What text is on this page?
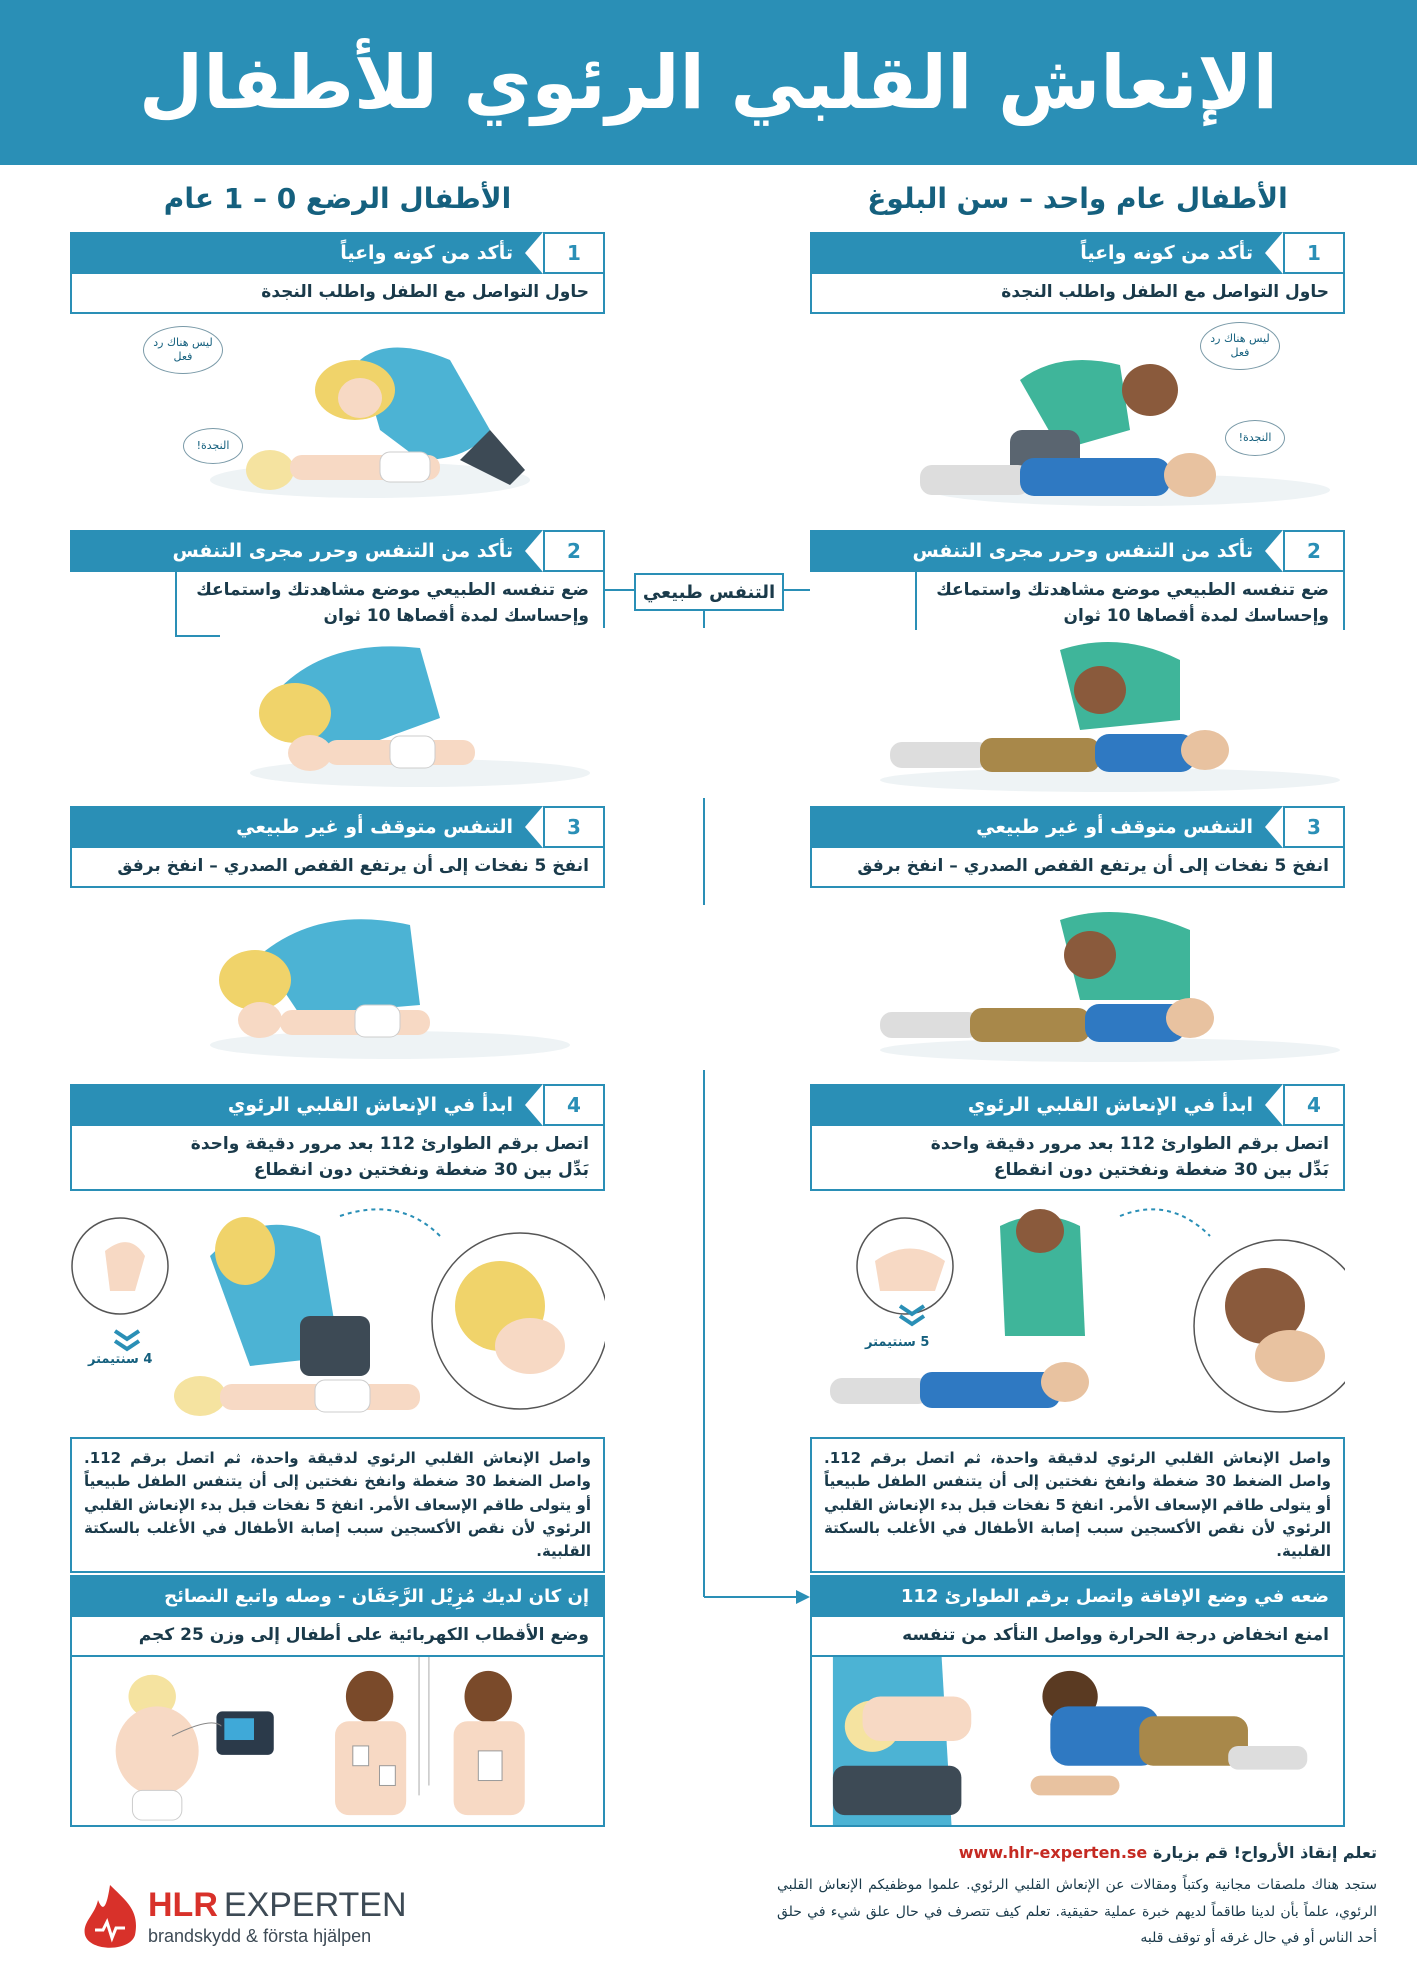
الإنعاش القلبي الرئوي للأطفال
الأطفال الرضع 0 – 1 عام	الأطفال عام واحد – سن البلوغ
التنفس طبيعي
1
تأكد من كونه واعياً
حاول التواصل مع الطفل واطلب النجدة
2
تأكد من التنفس وحرر مجرى التنفس
ضع تنفسه الطبيعي موضع مشاهدتك واستماعك وإحساسك لمدة أقصاها 10 ثوان
3
التنفس متوقف أو غير طبيعي
انفخ 5 نفخات إلى أن يرتفع القفص الصدري – انفخ برفق
4
ابدأ في الإنعاش القلبي الرئوي
اتصل برقم الطوارئ 112 بعد مرور دقيقة واحدة
بَدِّل بين 30 ضغطة ونفختين دون انقطاع
1
تأكد من كونه واعياً
حاول التواصل مع الطفل واطلب النجدة
2
تأكد من التنفس وحرر مجرى التنفس
ضع تنفسه الطبيعي موضع مشاهدتك واستماعك وإحساسك لمدة أقصاها 10 ثوان
3
التنفس متوقف أو غير طبيعي
انفخ 5 نفخات إلى أن يرتفع القفص الصدري – انفخ برفق
4
ابدأ في الإنعاش القلبي الرئوي
اتصل برقم الطوارئ 112 بعد مرور دقيقة واحدة
بَدِّل بين 30 ضغطة ونفختين دون انقطاع
ليس هناك رد فعل
النجدة!
ليس هناك رد فعل
النجدة!
4 سنتيمتر
5 سنتيمتر
واصل الإنعاش القلبي الرئوي لدقيقة واحدة، ثم اتصل برقم 112. واصل الضغط 30 ضغطة وانفخ نفختين إلى أن يتنفس الطفل طبيعياً أو يتولى طاقم الإسعاف الأمر. انفخ 5 نفخات قبل بدء الإنعاش القلبي الرئوي لأن نقص الأكسجين سبب إصابة الأطفال في الأغلب بالسكتة القلبية.
واصل الإنعاش القلبي الرئوي لدقيقة واحدة، ثم اتصل برقم 112. واصل الضغط 30 ضغطة وانفخ نفختين إلى أن يتنفس الطفل طبيعياً أو يتولى طاقم الإسعاف الأمر. انفخ 5 نفخات قبل بدء الإنعاش القلبي الرئوي لأن نقص الأكسجين سبب إصابة الأطفال في الأغلب بالسكتة القلبية.
إن كان لديك مُزِيْل الرَّجَفَان - وصله واتبع النصائح
وضع الأقطاب الكهربائية على أطفال إلى وزن 25 كجم
ضعه في وضع الإفاقة واتصل برقم الطوارئ 112
امنع انخفاض درجة الحرارة وواصل التأكد من تنفسه
تعلم إنقاذ الأرواح! قم بزيارة www.hlr-experten.se
ستجد هناك ملصقات مجانية وكتباً ومقالات عن الإنعاش القلبي الرئوي. علموا موظفيكم الإنعاش القلبي الرئوي، علماً بأن لدينا طاقماً لديهم خبرة عملية حقيقية. تعلم كيف تتصرف في حال علق شيء في حلق أحد الناس أو في حال غرقه أو توقف قلبه
HLR EXPERTEN
brandskydd & första hjälpen
